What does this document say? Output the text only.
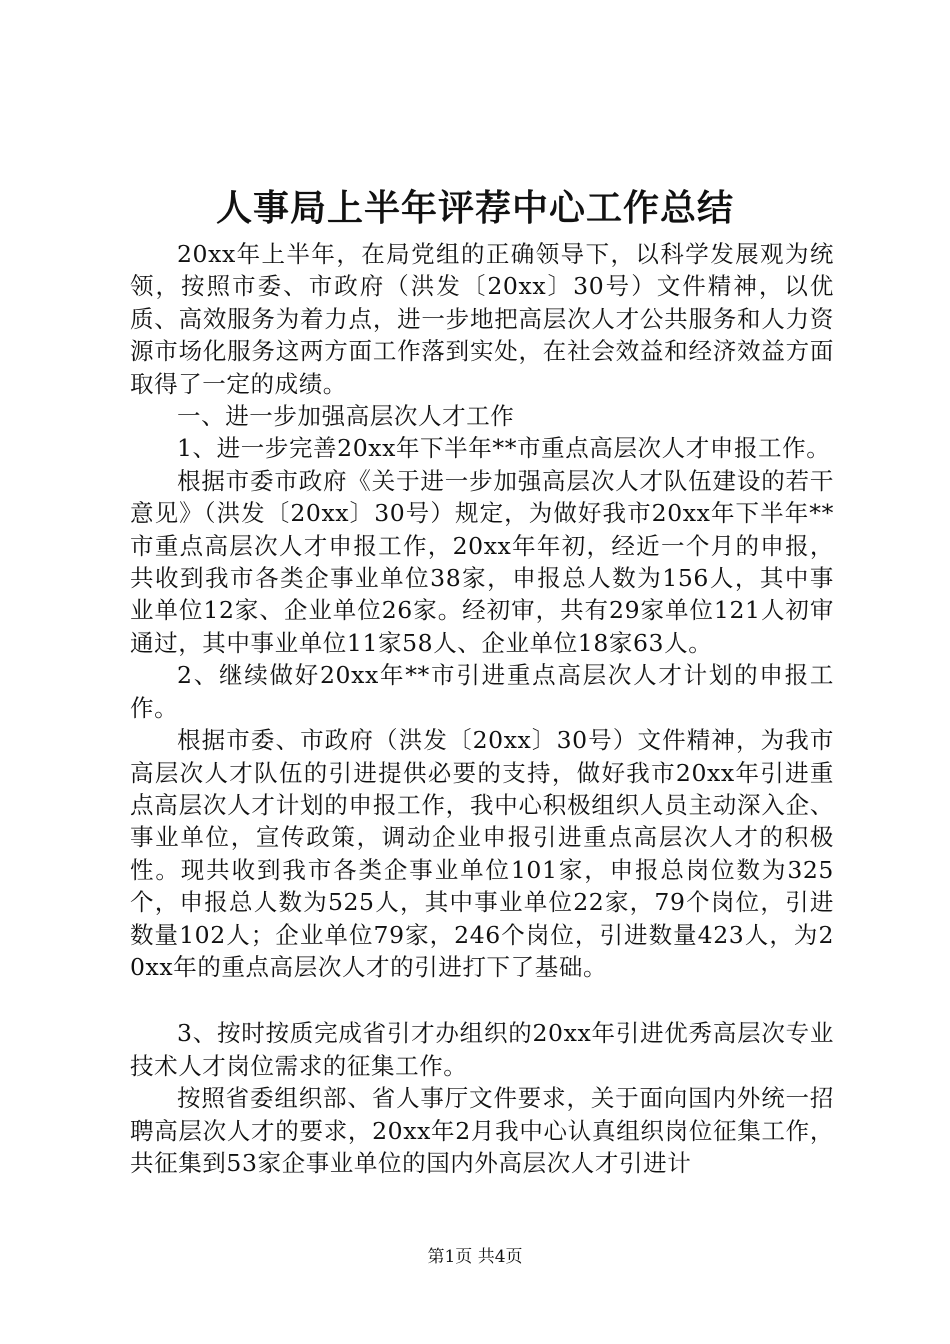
人事局上半年评荐中心工作总结

20xx年上半年，在局党组的正确领导下，以科学发展观为统领，按照市委、市政府（洪发〔20xx〕30号）文件精神，以优质、高效服务为着力点，进一步地把高层次人才公共服务和人力资源市场化服务这两方面工作落到实处，在社会效益和经济效益方面取得了一定的成绩。

一、进一步加强高层次人才工作

1、进一步完善20xx年下半年**市重点高层次人才申报工作。

根据市委市政府《关于进一步加强高层次人才队伍建设的若干意见》（洪发〔20xx〕30号）规定，为做好我市20xx年下半年**市重点高层次人才申报工作，20xx年年初，经近一个月的申报，共收到我市各类企事业单位38家，申报总人数为156人，其中事业单位12家、企业单位26家。经初审，共有29家单位121人初审通过，其中事业单位11家58人、企业单位18家63人。

2、继续做好20xx年**市引进重点高层次人才计划的申报工作。

根据市委、市政府（洪发〔20xx〕30号）文件精神，为我市高层次人才队伍的引进提供必要的支持，做好我市20xx年引进重点高层次人才计划的申报工作，我中心积极组织人员主动深入企、事业单位，宣传政策，调动企业申报引进重点高层次人才的积极性。现共收到我市各类企事业单位101家，申报总岗位数为325个，申报总人数为525人，其中事业单位22家，79个岗位，引进数量102人；企业单位79家，246个岗位，引进数量423人，为20xx年的重点高层次人才的引进打下了基础。

3、按时按质完成省引才办组织的20xx年引进优秀高层次专业技术人才岗位需求的征集工作。

按照省委组织部、省人事厅文件要求，关于面向国内外统一招聘高层次人才的要求，20xx年2月我中心认真组织岗位征集工作，共征集到53家企事业单位的国内外高层次人才引进计

第1页 共4页
